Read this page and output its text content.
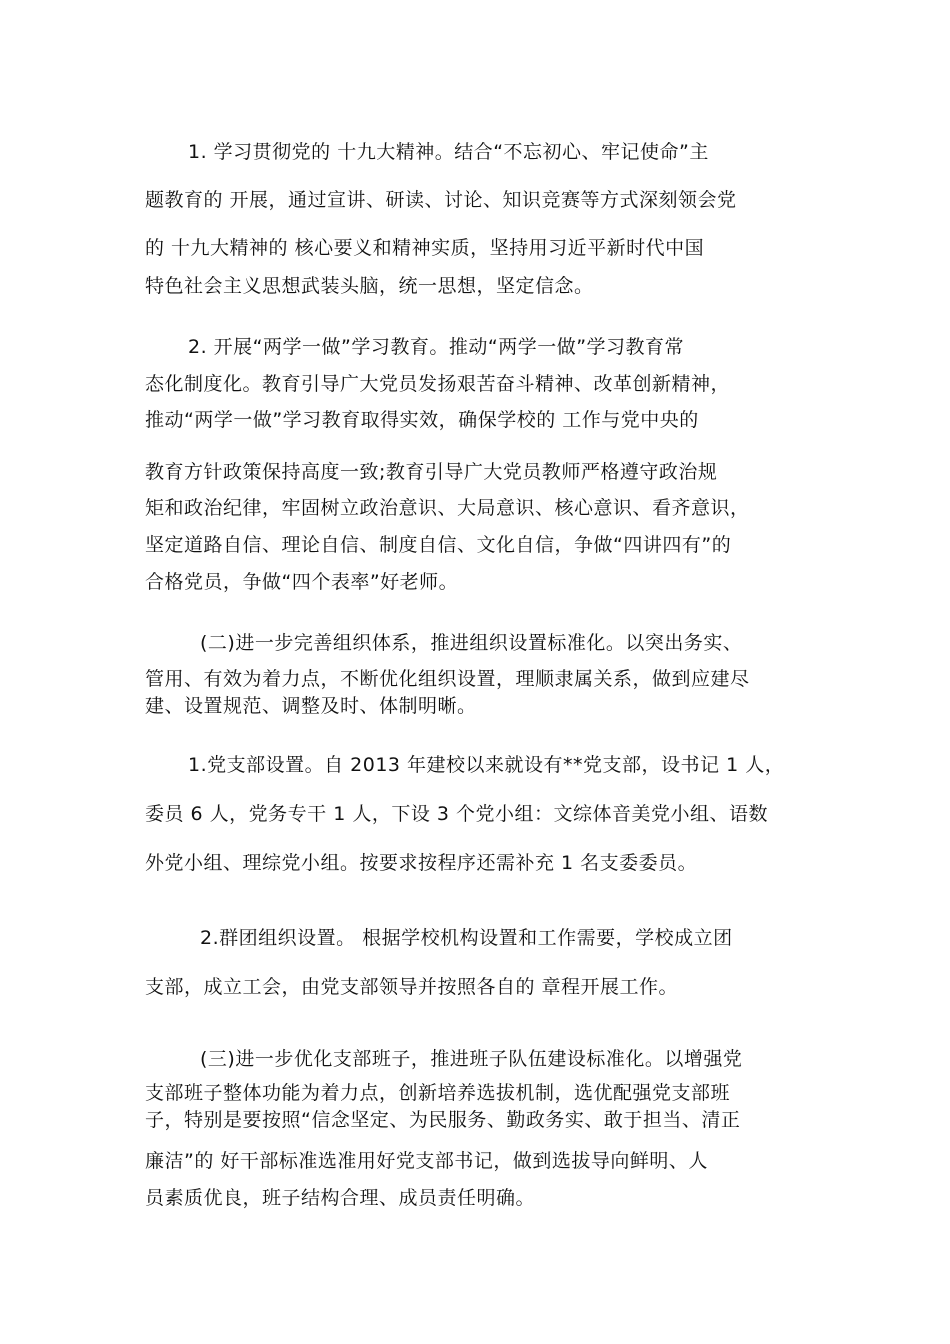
1. 学习贯彻党的 十九大精神。结合“不忘初心、牢记使命”主
题教育的 开展，通过宣讲、研读、讨论、知识竞赛等方式深刻领会党
的 十九大精神的 核心要义和精神实质，坚持用习近平新时代中国
特色社会主义思想武装头脑，统一思想，坚定信念。
2. 开展“两学一做”学习教育。推动“两学一做”学习教育常
态化制度化。教育引导广大党员发扬艰苦奋斗精神、改革创新精神，
推动“两学一做”学习教育取得实效，确保学校的 工作与党中央的
教育方针政策保持高度一致;教育引导广大党员教师严格遵守政治规
矩和政治纪律，牢固树立政治意识、大局意识、核心意识、看齐意识，
坚定道路自信、理论自信、制度自信、文化自信，争做“四讲四有”的
合格党员，争做“四个表率”好老师。
(二)进一步完善组织体系，推进组织设置标准化。以突出务实、
管用、有效为着力点，不断优化组织设置，理顺隶属关系，做到应建尽
建、设置规范、调整及时、体制明晰。
1.党支部设置。自 2013 年建校以来就设有**党支部，设书记 1 人，
委员 6 人，党务专干 1 人，下设 3 个党小组：文综体音美党小组、语数
外党小组、理综党小组。按要求按程序还需补充 1 名支委委员。
2.群团组织设置。 根据学校机构设置和工作需要，学校成立团
支部，成立工会，由党支部领导并按照各自的 章程开展工作。
(三)进一步优化支部班子，推进班子队伍建设标准化。以增强党
支部班子整体功能为着力点，创新培养选拔机制，选优配强党支部班
子，特别是要按照“信念坚定、为民服务、勤政务实、敢于担当、清正
廉洁”的 好干部标准选准用好党支部书记，做到选拔导向鲜明、人
员素质优良，班子结构合理、成员责任明确。
